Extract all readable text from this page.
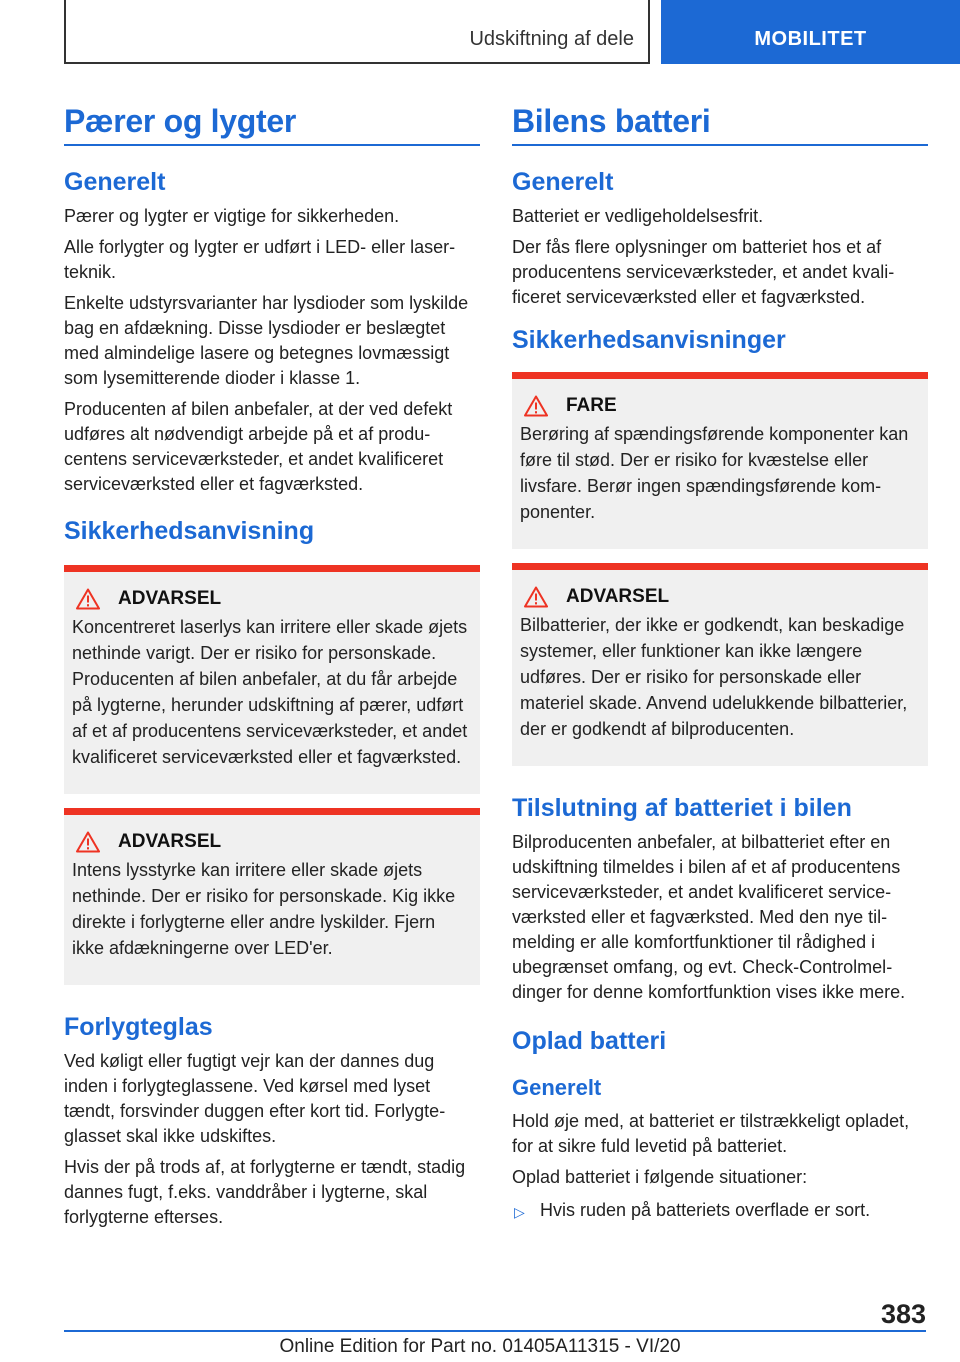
Udskiftning af dele	MOBILITET
Pærer og lygter
Generelt

Pærer og lygter er vigtige for sikkerheden.

Alle forlygter og lygter er udført i LED- eller laserteknik.

Enkelte udstyrsvarianter har lysdioder som lyskilde bag en afdækning. Disse lysdioder er beslægtet med almindelige lasere og betegnes lovmæssigt som lysemitterende dioder i klasse 1.

Producenten af bilen anbefaler, at der ved defekt udføres alt nødvendigt arbejde på et af producentens serviceværksteder, et andet kvalificeret serviceværksted eller et fagværksted.

Sikkerhedsanvisning
ADVARSEL

Koncentreret laserlys kan irritere eller skade øjets nethinde varigt. Der er risiko for personskade. Producenten af bilen anbefaler, at du får arbejde på lygterne, herunder udskiftning af pærer, udført af et af producentens serviceværksteder, et andet kvalificeret serviceværksted eller et fagværksted.

ADVARSEL

Intens lysstyrke kan irritere eller skade øjets nethinde. Der er risiko for personskade. Kig ikke direkte i forlygterne eller andre lyskilder. Fjern ikke afdækningerne over LED'er.

Forlygteglas

Ved køligt eller fugtigt vejr kan der dannes dug inden i forlygteglassene. Ved kørsel med lyset tændt, forsvinder duggen efter kort tid. Forlygteglasset skal ikke udskiftes.

Hvis der på trods af, at forlygterne er tændt, stadig dannes fugt, f.eks. vanddråber i lygterne, skal forlygterne efterses.

Bilens batteri
Generelt

Batteriet er vedligeholdelsesfrit.

Der fås flere oplysninger om batteriet hos et af producentens serviceværksteder, et andet kvalificeret serviceværksted eller et fagværksted.

Sikkerhedsanvisninger
FARE

Berøring af spændingsførende komponenter kan føre til stød. Der er risiko for kvæstelse eller livsfare. Berør ingen spændingsførende komponenter.

ADVARSEL

Bilbatterier, der ikke er godkendt, kan beskadige systemer, eller funktioner kan ikke længere udføres. Der er risiko for personskade eller materiel skade. Anvend udelukkende bilbatterier, der er godkendt af bilproducenten.

Tilslutning af batteriet i bilen

Bilproducenten anbefaler, at bilbatteriet efter en udskiftning tilmeldes i bilen af et af producentens serviceværksteder, et andet kvalificeret serviceværksted eller et fagværksted. Med den nye tilmelding er alle komfortfunktioner til rådighed i ubegrænset omfang, og evt. Check-Controlmeldinger for denne komfortfunktion vises ikke mere.

Oplad batteri
Generelt

Hold øje med, at batteriet er tilstrækkeligt opladet, for at sikre fuld levetid på batteriet.

Oplad batteriet i følgende situationer:

▷ Hvis ruden på batteriets overflade er sort.
383
Online Edition for Part no. 01405A11315 - VI/20
